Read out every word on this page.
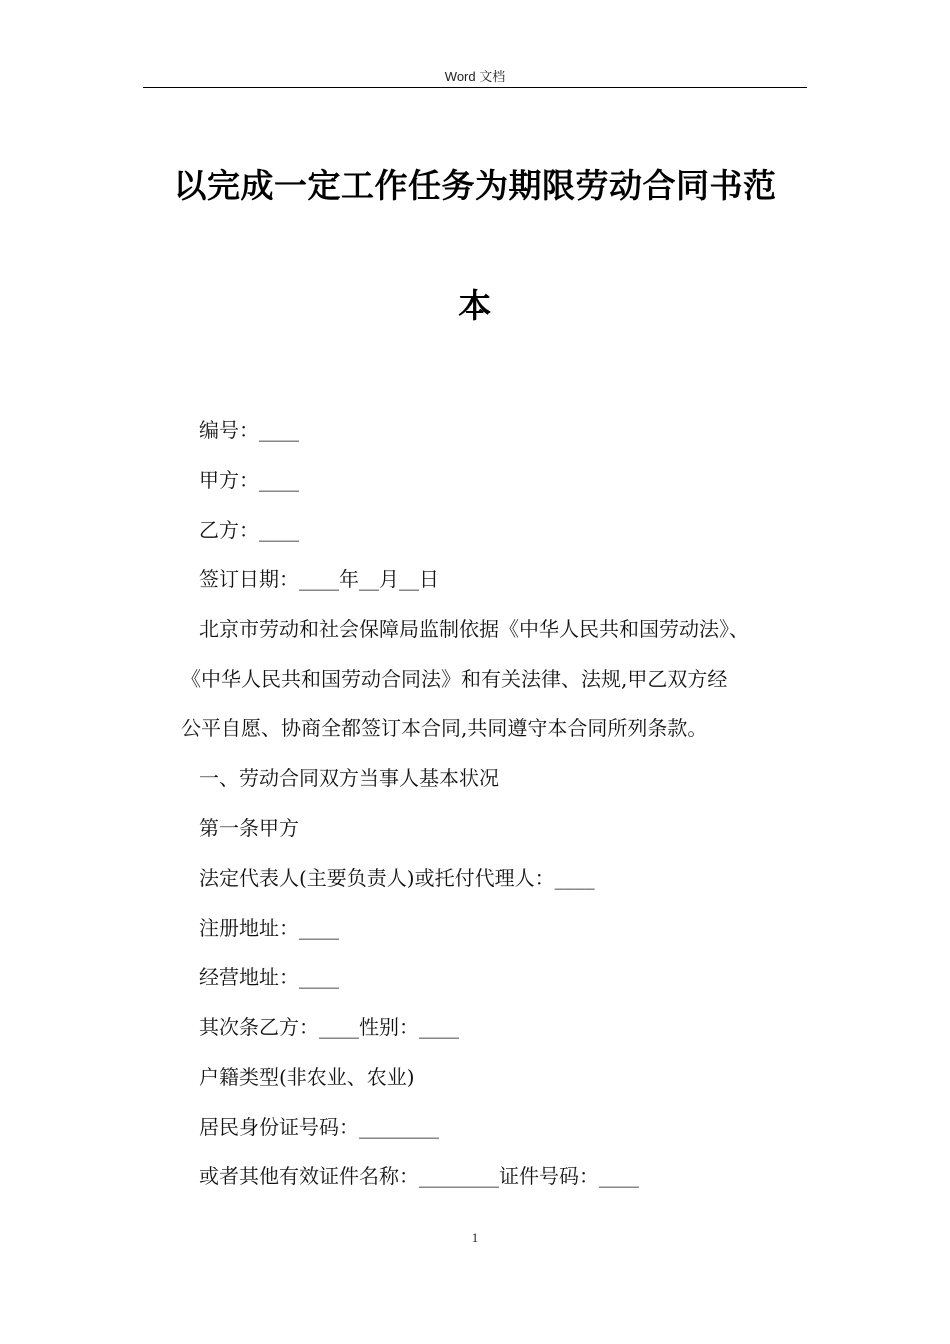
Word 文档
以完成一定工作任务为期限劳动合同书范
本
编号：____
甲方：____
乙方：____
签订日期：____年__月__日
北京市劳动和社会保障局监制依据《中华人民共和国劳动法》、
《中华人民共和国劳动合同法》和有关法律、法规,甲乙双方经
公平自愿、协商全都签订本合同,共同遵守本合同所列条款。
一、劳动合同双方当事人基本状况
第一条甲方
法定代表人(主要负责人)或托付代理人：____
注册地址：____
经营地址：____
其次条乙方：____性别：____
户籍类型(非农业、农业)
居民身份证号码：________
或者其他有效证件名称：________证件号码：____
1
